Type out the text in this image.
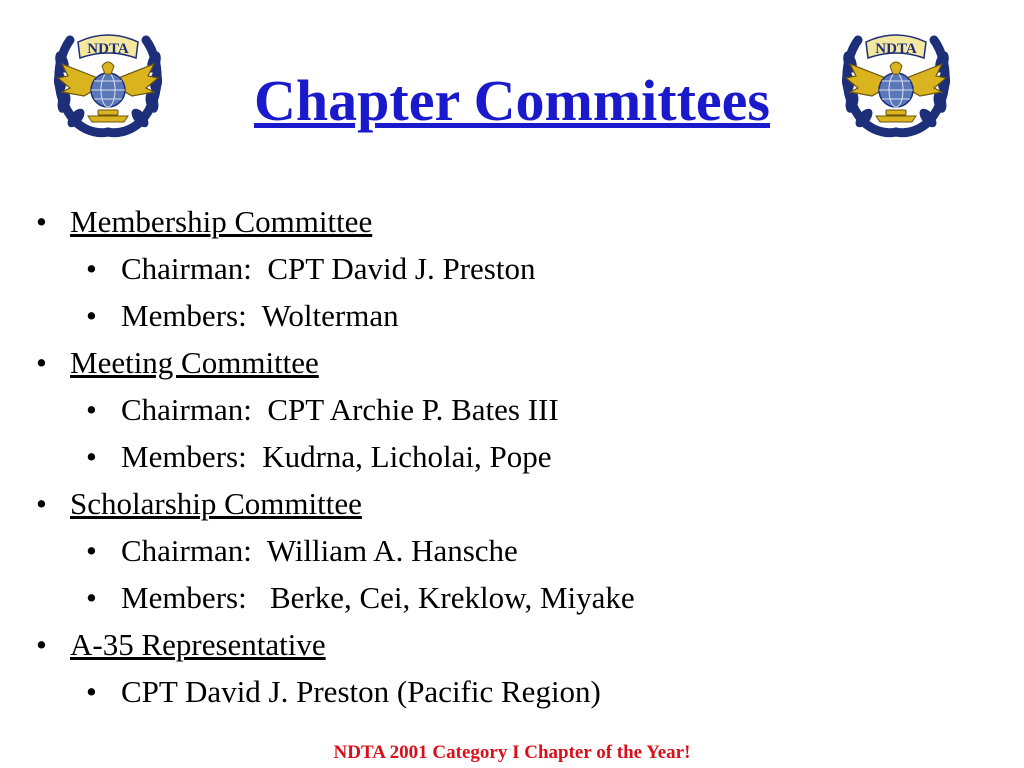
NDTA	NDTA
Chapter Committees
• Membership Committee
• Chairman:  CPT David J. Preston
• Members:  Wolterman
• Meeting Committee
• Chairman:  CPT Archie P. Bates III
• Members:  Kudrna, Licholai, Pope
• Scholarship Committee
• Chairman:  William A. Hansche
• Members:   Berke, Cei, Kreklow, Miyake
• A-35 Representative
• CPT David J. Preston (Pacific Region)
NDTA 2001 Category I Chapter of the Year!
